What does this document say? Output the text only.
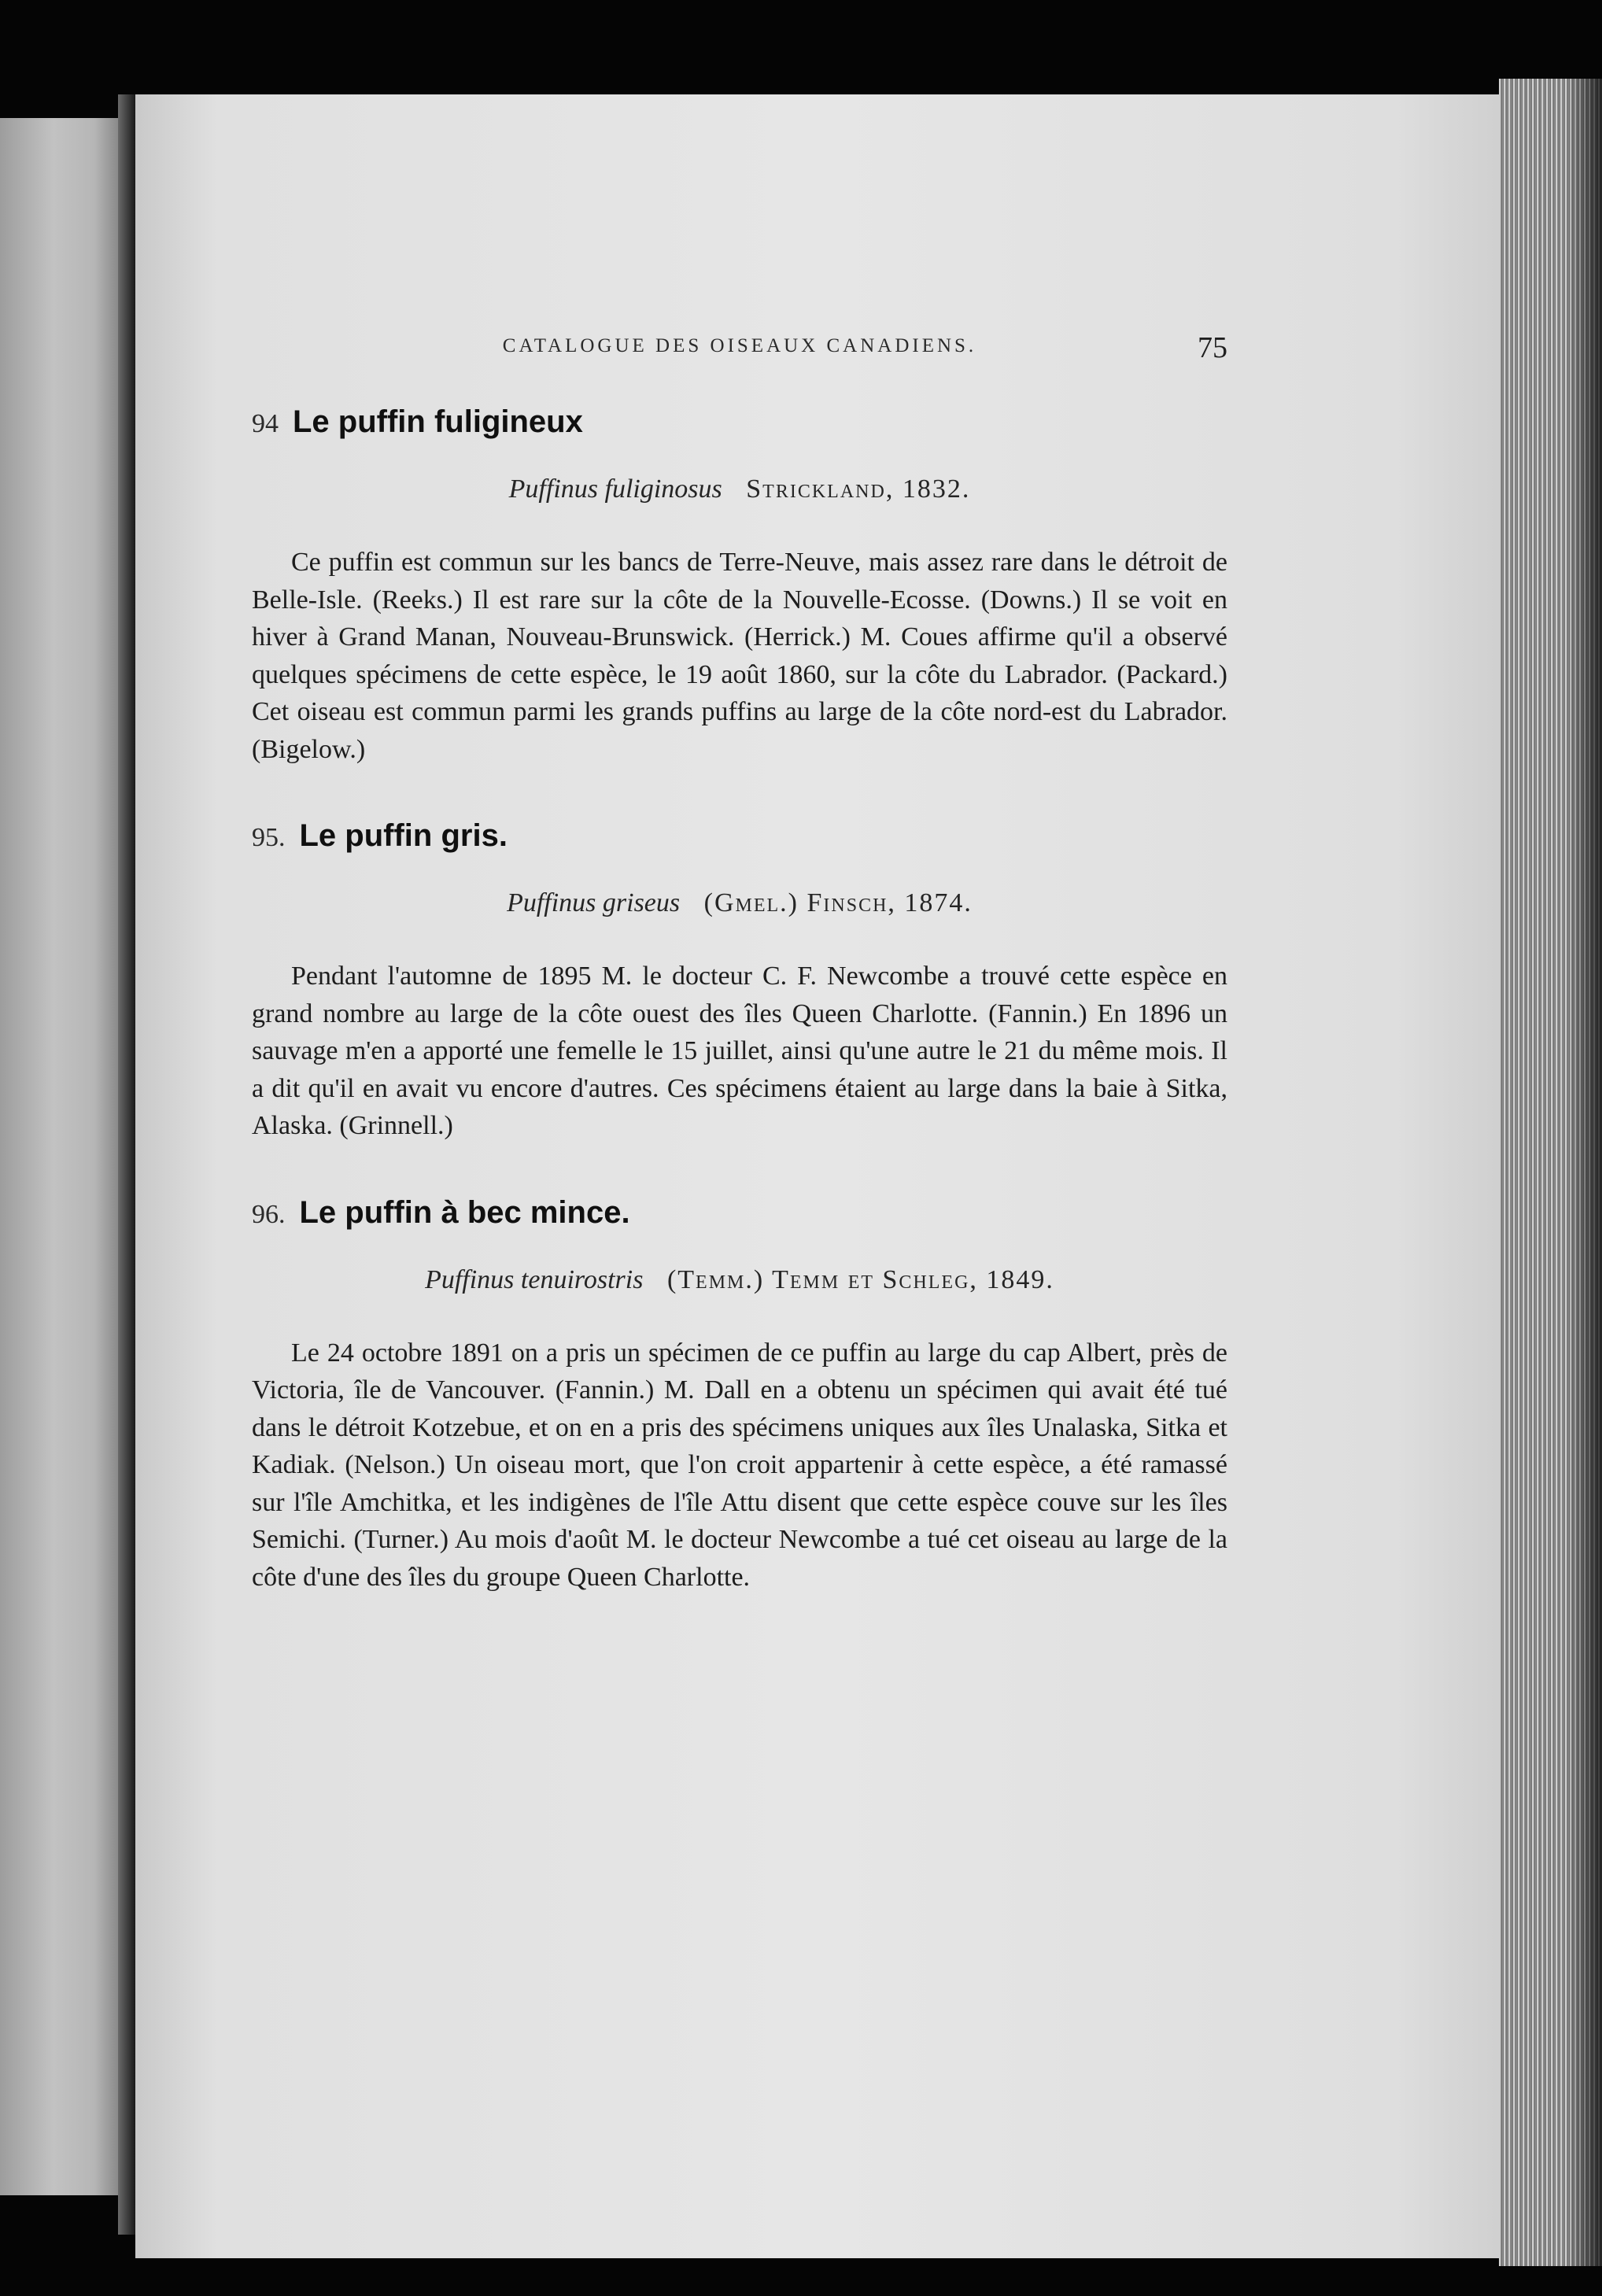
CATALOGUE DES OISEAUX CANADIENS.	75
94 Le puffin fuligineux
Puffinus fuliginosus Strickland, 1832.

Ce puffin est commun sur les bancs de Terre-Neuve, mais assez rare dans le détroit de Belle-Isle. (Reeks.) Il est rare sur la côte de la Nouvelle-Ecosse. (Downs.) Il se voit en hiver à Grand Manan, Nouveau-Brunswick. (Herrick.) M. Coues affirme qu'il a observé quelques spécimens de cette espèce, le 19 août 1860, sur la côte du Labrador. (Packard.) Cet oiseau est commun parmi les grands puffins au large de la côte nord-est du Labrador. (Bigelow.)

95. Le puffin gris.
Puffinus griseus (Gmel.) Finsch, 1874.

Pendant l'automne de 1895 M. le docteur C. F. Newcombe a trouvé cette espèce en grand nombre au large de la côte ouest des îles Queen Charlotte. (Fannin.) En 1896 un sauvage m'en a apporté une femelle le 15 juillet, ainsi qu'une autre le 21 du même mois. Il a dit qu'il en avait vu encore d'autres. Ces spécimens étaient au large dans la baie à Sitka, Alaska. (Grinnell.)

96. Le puffin à bec mince.
Puffinus tenuirostris (Temm.) Temm et Schleg, 1849.

Le 24 octobre 1891 on a pris un spécimen de ce puffin au large du cap Albert, près de Victoria, île de Vancouver. (Fannin.) M. Dall en a obtenu un spécimen qui avait été tué dans le détroit Kotzebue, et on en a pris des spécimens uniques aux îles Unalaska, Sitka et Kadiak. (Nelson.) Un oiseau mort, que l'on croit appartenir à cette espèce, a été ramassé sur l'île Amchitka, et les indigènes de l'île Attu disent que cette espèce couve sur les îles Semichi. (Turner.) Au mois d'août M. le docteur Newcombe a tué cet oiseau au large de la côte d'une des îles du groupe Queen Charlotte.
